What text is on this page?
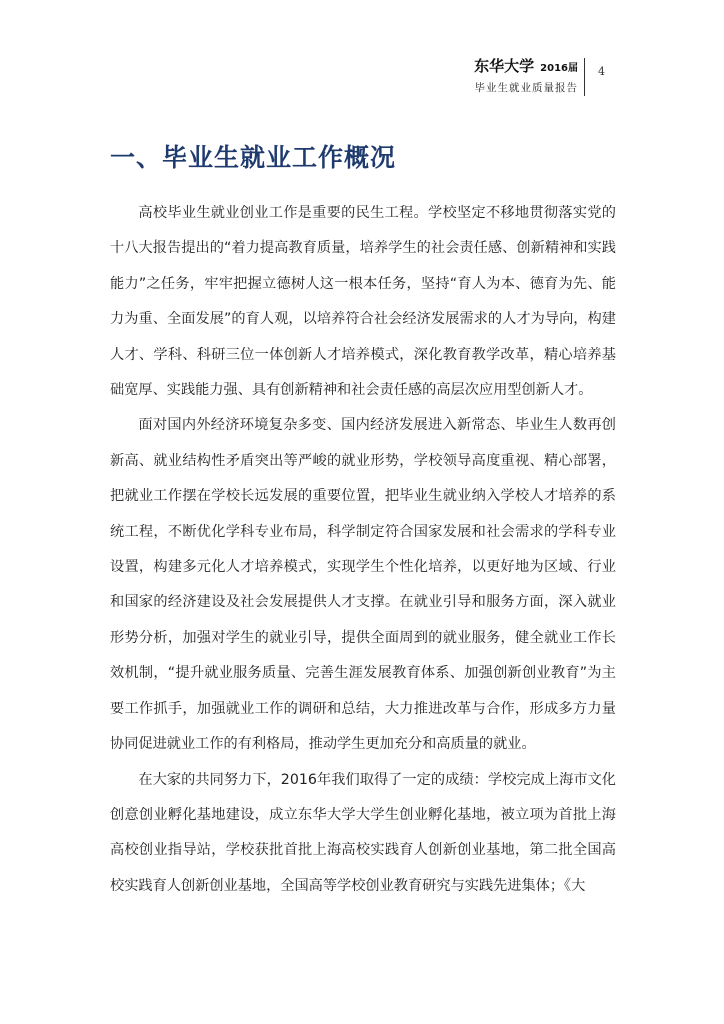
东华大学 2016届
毕业生就业质量报告
4
一、毕业生就业工作概况

高校毕业生就业创业工作是重要的民生工程。学校坚定不移地贯彻落实党的十八大报告提出的“着力提高教育质量，培养学生的社会责任感、创新精神和实践能力”之任务，牢牢把握立德树人这一根本任务，坚持“育人为本、德育为先、能力为重、全面发展”的育人观，以培养符合社会经济发展需求的人才为导向，构建人才、学科、科研三位一体创新人才培养模式，深化教育教学改革，精心培养基础宽厚、实践能力强、具有创新精神和社会责任感的高层次应用型创新人才。

面对国内外经济环境复杂多变、国内经济发展进入新常态、毕业生人数再创新高、就业结构性矛盾突出等严峻的就业形势，学校领导高度重视、精心部署，把就业工作摆在学校长远发展的重要位置，把毕业生就业纳入学校人才培养的系统工程，不断优化学科专业布局，科学制定符合国家发展和社会需求的学科专业设置，构建多元化人才培养模式，实现学生个性化培养，以更好地为区域、行业和国家的经济建设及社会发展提供人才支撑。在就业引导和服务方面，深入就业形势分析，加强对学生的就业引导，提供全面周到的就业服务，健全就业工作长效机制，“提升就业服务质量、完善生涯发展教育体系、加强创新创业教育”为主要工作抓手，加强就业工作的调研和总结，大力推进改革与合作，形成多方力量协同促进就业工作的有利格局，推动学生更加充分和高质量的就业。

在大家的共同努力下，2016年我们取得了一定的成绩：学校完成上海市文化创意创业孵化基地建设，成立东华大学大学生创业孵化基地，被立项为首批上海高校创业指导站，学校获批首批上海高校实践育人创新创业基地，第二批全国高校实践育人创新创业基地，全国高等学校创业教育研究与实践先进集体；《大
